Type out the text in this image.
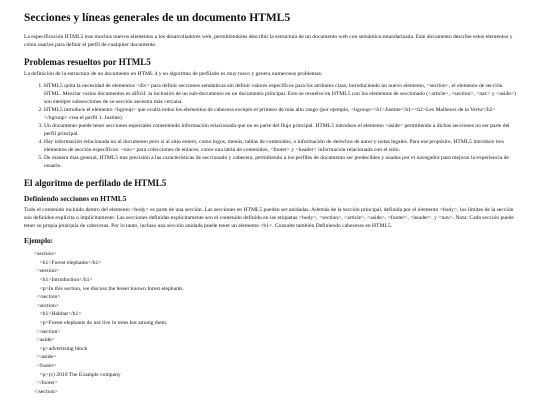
Secciones y líneas generales de un documento HTML5

La especificación HTML5 trae muchos nuevos elementos a los desarrolladores web, permitiéndoles describir la estructura de un documento web con semántica estandarizada. Este documento describe estos elementos y cómo usarlos para definir el perfil de cualquier documento.

Problemas resueltos por HTML5

La definición de la estructura de un documento en HTML 4 y su algoritmo de perfilado es muy tosco y genera numerosos problemas:

1. HTML5 quita la necesidad de elementos <div> para definir secciones semánticas sin definir valores específicos para los atributos class, introduciendo un nuevo elemento, <section>, el elemento de sección HTML. Mezclar varios documentos es difícil: la inclusión de un sub-documento en un documento principal. Esto se resuelve en HTML5 con los elementos de seccionado (<article>, <section>, <nav> y <aside>) son siempre subsecciones de su sección ancestra más cercana.
2. HTML5 introduce el elemento <hgroup> que oculta todos los elementos de cabecera excepto el primero de más alto rango (por ejemplo, <hgroup><h1>Justine</h1><h2>Les Malheurs de la Vertu</h2></hgroup> crea el perfil 1. Justine).
3. Un documento puede tener secciones especiales conteniendo información relacionada que no es parte del flujo principal. HTML5 introduce el elemento <aside> permitiendo a dichas secciones no ser parte del perfil principal.
4. Hay información relacionada no al documento pero sí al sitio entero, como logos, menús, tablas de contenidos, o información de derechos de autor y notas legales. Para ese propósito, HTML5 introduce tres elementos de sección específicos: <nav> para colecciones de enlaces, como una tabla de contenidos, <footer> y <header> información relacionada con el sitio.
5. De manera más general, HTML5 trae precisión a las características de seccionado y cabecera, permitiendo a los perfiles de documento ser predecibles y usados por el navegador para mejorar la experiencia de usuario.
El algoritmo de perfilado de HTML5
Definiendo secciones en HTML5

Todo el contenido incluido dentro del elemento <body> es parte de una sección. Las secciones en HTML5 pueden ser anidadas. Además de la sección principal, definida por el elemento <body>, los límites de la sección son definidos explícita o implícitamente. Las secciones definidas explícitamente son el contenido definido en las etiquetas <body>, <section>, <article>, <aside>, <footer>, <header>, y <nav>. Nota: Cada sección puede tener su propia jerarquía de cabeceras. Por lo tanto, incluso una sección anidada puede tener un elemento <h1>. Consulte también Definiendo cabeceras en HTML5.

Ejemplo:
<section>
<h1>Forest elephants</h1>
<section>
<h1>Introduction</h1>
<p>In this section, we discuss the lesser known forest elephants.
</section>
<section>
<h1>Habitat</h1>
<p>Forest elephants do not live in trees but among them.
</section>
<aside>
<p>advertising block
</aside>
<footer>
<p>(c) 2010 The Example company
</footer>
</section>
